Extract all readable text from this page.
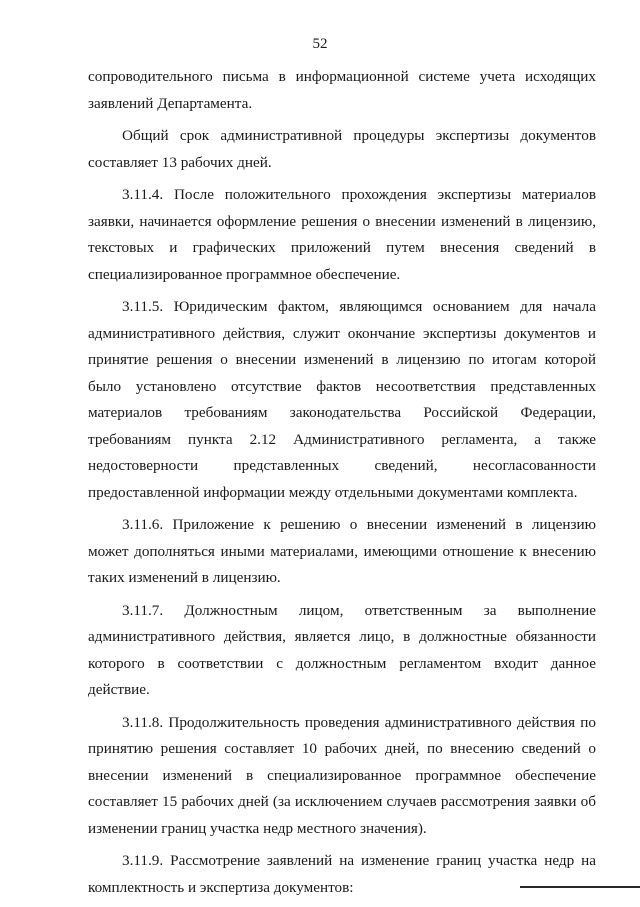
52

сопроводительного письма в информационной системе учета исходящих заявлений Департамента.

Общий срок административной процедуры экспертизы документов составляет 13 рабочих дней.

3.11.4. После положительного прохождения экспертизы материалов заявки, начинается оформление решения о внесении изменений в лицензию, текстовых и графических приложений путем внесения сведений в специализированное программное обеспечение.

3.11.5. Юридическим фактом, являющимся основанием для начала административного действия, служит окончание экспертизы документов и принятие решения о внесении изменений в лицензию по итогам которой было установлено отсутствие фактов несоответствия представленных материалов требованиям законодательства Российской Федерации, требованиям пункта 2.12 Административного регламента, а также недостоверности представленных сведений, несогласованности предоставленной информации между отдельными документами комплекта.

3.11.6. Приложение к решению о внесении изменений в лицензию может дополняться иными материалами, имеющими отношение к внесению таких изменений в лицензию.

3.11.7. Должностным лицом, ответственным за выполнение административного действия, является лицо, в должностные обязанности которого в соответствии с должностным регламентом входит данное действие.

3.11.8. Продолжительность проведения административного действия по принятию решения составляет 10 рабочих дней, по внесению сведений о внесении изменений в специализированное программное обеспечение составляет 15 рабочих дней (за исключением случаев рассмотрения заявки об изменении границ участка недр местного значения).

3.11.9. Рассмотрение заявлений на изменение границ участка недр на комплектность и экспертиза документов:
